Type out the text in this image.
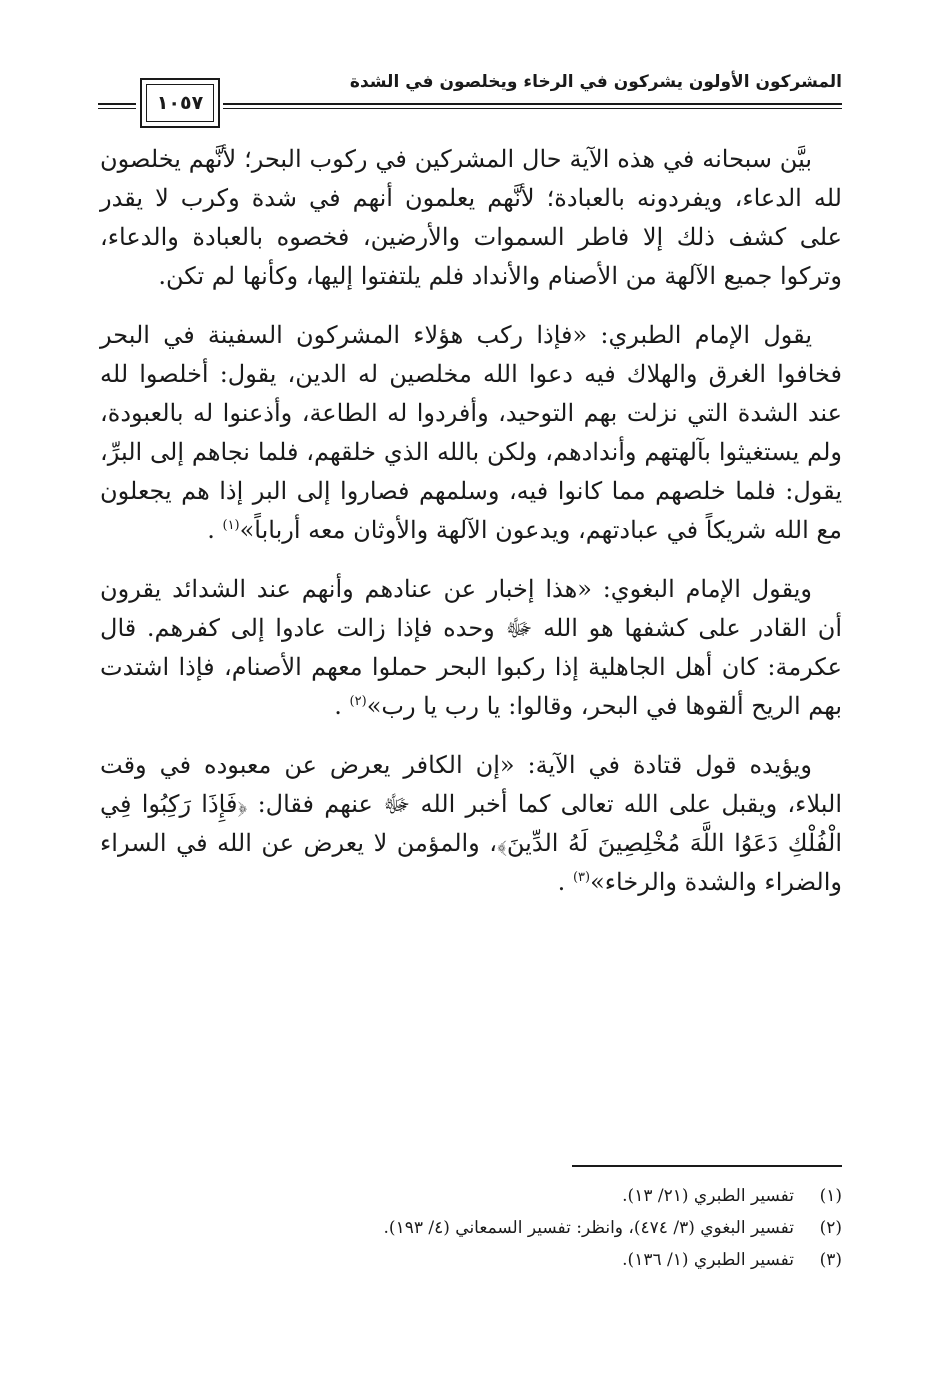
المشركون الأولون يشركون في الرخاء ويخلصون في الشدة
١٠٥٧

بيَّن سبحانه في هذه الآية حال المشركين في ركوب البحر؛ لأنَّهم يخلصون لله الدعاء، ويفردونه بالعبادة؛ لأنَّهم يعلمون أنهم في شدة وكرب لا يقدر على كشف ذلك إلا فاطر السموات والأرضين، فخصوه بالعبادة والدعاء، وتركوا جميع الآلهة من الأصنام والأنداد فلم يلتفتوا إليها، وكأنها لم تكن.

يقول الإمام الطبري: «فإذا ركب هؤلاء المشركون السفينة في البحر فخافوا الغرق والهلاك فيه دعوا الله مخلصين له الدين، يقول: أخلصوا لله عند الشدة التي نزلت بهم التوحيد، وأفردوا له الطاعة، وأذعنوا له بالعبودة، ولم يستغيثوا بآلهتهم وأندادهم، ولكن بالله الذي خلقهم، فلما نجاهم إلى البرِّ، يقول: فلما خلصهم مما كانوا فيه، وسلمهم فصاروا إلى البر إذا هم يجعلون مع الله شريكاً في عبادتهم، ويدعون الآلهة والأوثان معه أرباباً»$^{(١)}$ .

ويقول الإمام البغوي: «هذا إخبار عن عنادهم وأنهم عند الشدائد يقرون أن القادر على كشفها هو الله ﷻ وحده فإذا زالت عادوا إلى كفرهم. قال عكرمة: كان أهل الجاهلية إذا ركبوا البحر حملوا معهم الأصنام، فإذا اشتدت بهم الريح ألقوها في البحر، وقالوا: يا رب يا رب»$^{(٢)}$ .

ويؤيده قول قتادة في الآية: «إن الكافر يعرض عن معبوده في وقت البلاء، ويقبل على الله تعالى كما أخبر الله ﷻ عنهم فقال: ﴿فَإِذَا رَكِبُوا فِي الْفُلْكِ دَعَوُا اللَّهَ مُخْلِصِينَ لَهُ الدِّينَ﴾، والمؤمن لا يعرض عن الله في السراء والضراء والشدة والرخاء»$^{(٣)}$ .

(١)
تفسير الطبري (٢١/ ١٣).
(٢)
تفسير البغوي (٣/ ٤٧٤)، وانظر: تفسير السمعاني (٤/ ١٩٣).
(٣)
تفسير الطبري (١/ ١٣٦).
